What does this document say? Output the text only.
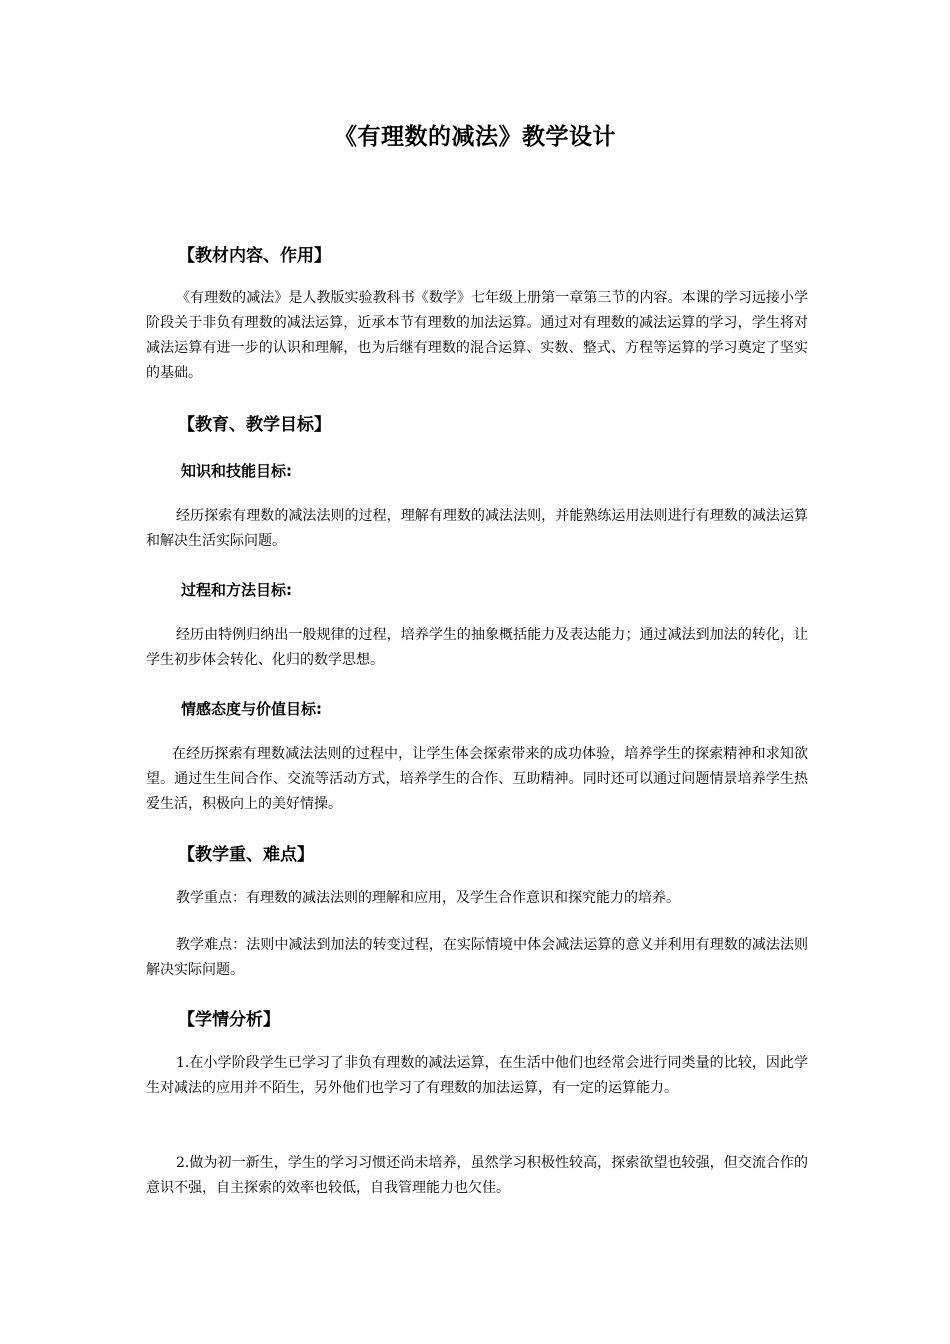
《有理数的减法》教学设计
【教材内容、作用】
《有理数的减法》是人教版实验教科书《数学》七年级上册第一章第三节的内容。本课的学习远接小学阶段关于非负有理数的减法运算，近承本节有理数的加法运算。通过对有理数的减法运算的学习，学生将对减法运算有进一步的认识和理解，也为后继有理数的混合运算、实数、整式、方程等运算的学习奠定了坚实的基础。
【教育、教学目标】
知识和技能目标:
经历探索有理数的减法法则的过程，理解有理数的减法法则，并能熟练运用法则进行有理数的减法运算和解决生活实际问题。
过程和方法目标:
经历由特例归纳出一般规律的过程，培养学生的抽象概括能力及表达能力；通过减法到加法的转化，让学生初步体会转化、化归的数学思想。
情感态度与价值目标:
在经历探索有理数减法法则的过程中，让学生体会探索带来的成功体验，培养学生的探索精神和求知欲望。通过生生间合作、交流等活动方式，培养学生的合作、互助精神。同时还可以通过问题情景培养学生热爱生活，积极向上的美好情操。
【教学重、难点】
教学重点：有理数的减法法则的理解和应用，及学生合作意识和探究能力的培养。
教学难点：法则中减法到加法的转变过程，在实际情境中体会减法运算的意义并利用有理数的减法法则解决实际问题。
【学情分析】
1.在小学阶段学生已学习了非负有理数的减法运算，在生活中他们也经常会进行同类量的比较，因此学生对减法的应用并不陌生，另外他们也学习了有理数的加法运算，有一定的运算能力。
2.做为初一新生，学生的学习习惯还尚未培养，虽然学习积极性较高，探索欲望也较强，但交流合作的意识不强，自主探索的效率也较低，自我管理能力也欠佳。
